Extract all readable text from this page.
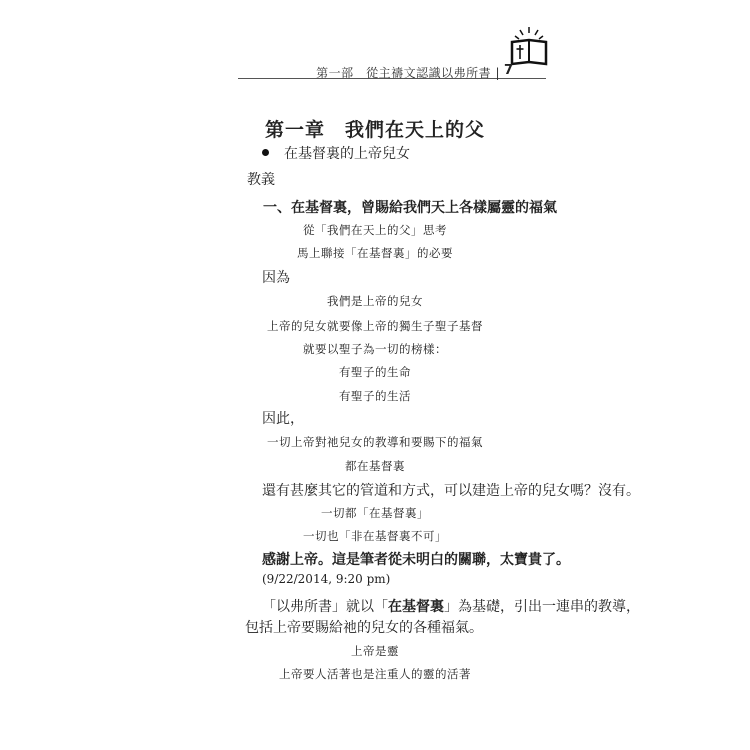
第一部　從主禱文認識以弗所書 | 7
第一章　我們在天上的父
在基督裏的上帝兒女
教義
一、在基督裏，曾賜給我們天上各樣屬靈的福氣
從「我們在天上的父」思考
馬上聯接「在基督裏」的必要
因為
我們是上帝的兒女
上帝的兒女就要像上帝的獨生子聖子基督
就要以聖子為一切的榜樣：
有聖子的生命
有聖子的生活
因此，
一切上帝對祂兒女的教導和要賜下的福氣
都在基督裏
還有甚麼其它的管道和方式，可以建造上帝的兒女嗎？沒有。
一切都「在基督裏」
一切也「非在基督裏不可」
感謝上帝。這是筆者從未明白的關聯，太寶貴了。
(9/22/2014, 9:20 pm)
「以弗所書」就以「在基督裏」為基礎，引出一連串的教導，
包括上帝要賜給祂的兒女的各種福氣。
上帝是靈
上帝要人活著也是注重人的靈的活著
